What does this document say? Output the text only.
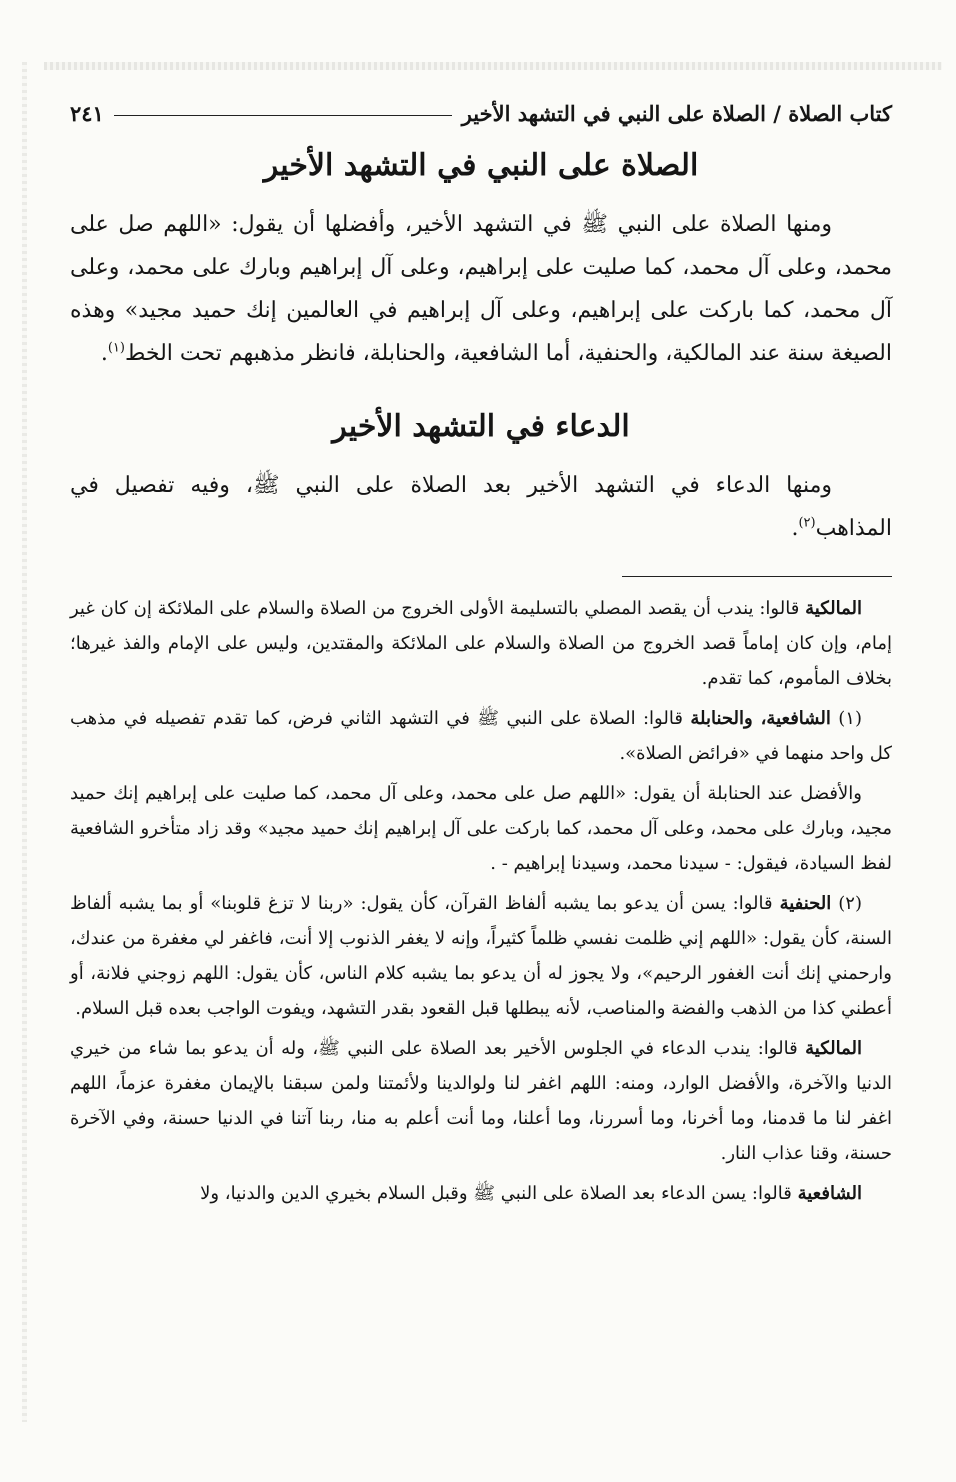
كتاب الصلاة / الصلاة على النبي في التشهد الأخير
٢٤١
الصلاة على النبي في التشهد الأخير

ومنها الصلاة على النبي ﷺ في التشهد الأخير، وأفضلها أن يقول: «اللهم صل على محمد، وعلى آل محمد، كما صليت على إبراهيم، وعلى آل إبراهيم وبارك على محمد، وعلى آل محمد، كما باركت على إبراهيم، وعلى آل إبراهيم في العالمين إنك حميد مجيد» وهذه الصيغة سنة عند المالكية، والحنفية، أما الشافعية، والحنابلة، فانظر مذهبهم تحت الخط$^{(١)}$.

الدعاء في التشهد الأخير

ومنها الدعاء في التشهد الأخير بعد الصلاة على النبي ﷺ، وفيه تفصيل في المذاهب$^{(٢)}$.

المالكية قالوا: يندب أن يقصد المصلي بالتسليمة الأولى الخروج من الصلاة والسلام على الملائكة إن كان غير إمام، وإن كان إماماً قصد الخروج من الصلاة والسلام على الملائكة والمقتدين، وليس على الإمام والفذ غيرها؛ بخلاف المأموم، كما تقدم.

(١) الشافعية، والحنابلة قالوا: الصلاة على النبي ﷺ في التشهد الثاني فرض، كما تقدم تفصيله في مذهب كل واحد منهما في «فرائض الصلاة».

والأفضل عند الحنابلة أن يقول: «اللهم صل على محمد، وعلى آل محمد، كما صليت على إبراهيم إنك حميد مجيد، وبارك على محمد، وعلى آل محمد، كما باركت على آل إبراهيم إنك حميد مجيد» وقد زاد متأخرو الشافعية لفظ السيادة، فيقول: - سيدنا محمد، وسيدنا إبراهيم - .

(٢) الحنفية قالوا: يسن أن يدعو بما يشبه ألفاظ القرآن، كأن يقول: «ربنا لا تزغ قلوبنا» أو بما يشبه ألفاظ السنة، كأن يقول: «اللهم إني ظلمت نفسي ظلماً كثيراً، وإنه لا يغفر الذنوب إلا أنت، فاغفر لي مغفرة من عندك، وارحمني إنك أنت الغفور الرحيم»، ولا يجوز له أن يدعو بما يشبه كلام الناس، كأن يقول: اللهم زوجني فلانة، أو أعطني كذا من الذهب والفضة والمناصب، لأنه يبطلها قبل القعود بقدر التشهد، ويفوت الواجب بعده قبل السلام.

المالكية قالوا: يندب الدعاء في الجلوس الأخير بعد الصلاة على النبي ﷺ، وله أن يدعو بما شاء من خيري الدنيا والآخرة، والأفضل الوارد، ومنه: اللهم اغفر لنا ولوالدينا ولأئمتنا ولمن سبقنا بالإيمان مغفرة عزماً، اللهم اغفر لنا ما قدمنا، وما أخرنا، وما أسررنا، وما أعلنا، وما أنت أعلم به منا، ربنا آتنا في الدنيا حسنة، وفي الآخرة حسنة، وقنا عذاب النار.

الشافعية قالوا: يسن الدعاء بعد الصلاة على النبي ﷺ وقبل السلام بخيري الدين والدنيا، ولا
